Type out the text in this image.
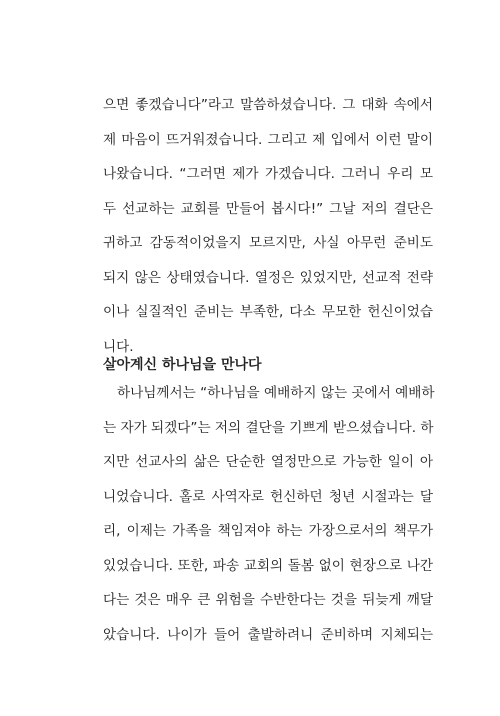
으면 좋겠습니다”라고 말씀하셨습니다. 그 대화 속에서
제 마음이 뜨거워졌습니다. 그리고 제 입에서 이런 말이
나왔습니다. “그러면 제가 가겠습니다. 그러니 우리 모
두 선교하는 교회를 만들어 봅시다!” 그날 저의 결단은
귀하고 감동적이었을지 모르지만, 사실 아무런 준비도
되지 않은 상태였습니다. 열정은 있었지만, 선교적 전략
이나 실질적인 준비는 부족한, 다소 무모한 헌신이었습
니다.
살아계신 하나님을 만나다
하나님께서는 “하나님을 예배하지 않는 곳에서 예배하
는 자가 되겠다”는 저의 결단을 기쁘게 받으셨습니다. 하
지만 선교사의 삶은 단순한 열정만으로 가능한 일이 아
니었습니다. 홀로 사역자로 헌신하던 청년 시절과는 달
리, 이제는 가족을 책임져야 하는 가장으로서의 책무가
있었습니다. 또한, 파송 교회의 돌봄 없이 현장으로 나간
다는 것은 매우 큰 위험을 수반한다는 것을 뒤늦게 깨달
았습니다. 나이가 들어 출발하려니 준비하며 지체되는
